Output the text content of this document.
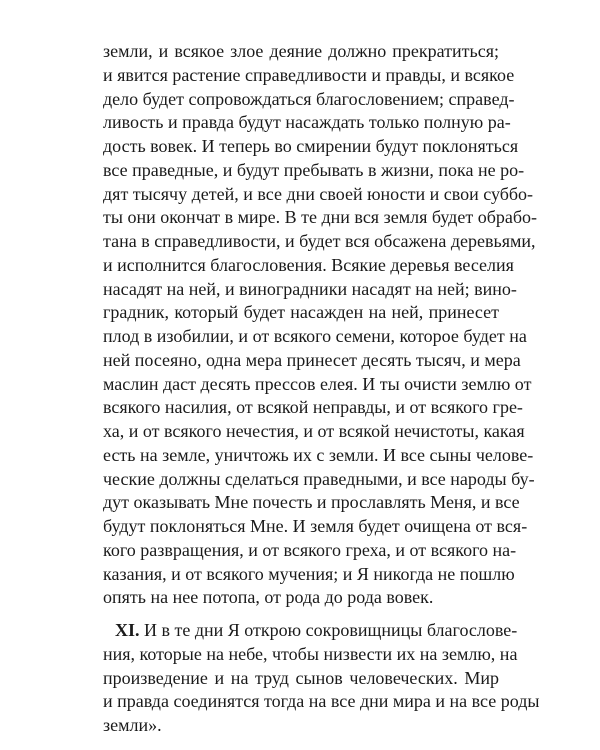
земли, и всякое злое деяние должно прекратиться;
и явится растение справедливости и правды, и всякое
дело будет сопровождаться благословением; справед-
ливость и правда будут насаждать только полную ра-
дость вовек. И теперь во смирении будут поклоняться
все праведные, и будут пребывать в жизни, пока не ро-
дят тысячу детей, и все дни своей юности и свои суббо-
ты они окончат в мире. В те дни вся земля будет обрабо-
тана в справедливости, и будет вся обсажена деревьями,
и исполнится благословения. Всякие деревья веселия
насадят на ней, и виноградники насадят на ней; вино-
градник, который будет насажден на ней, принесет
плод в изобилии, и от всякого семени, которое будет на
ней посеяно, одна мера принесет десять тысяч, и мера
маслин даст десять прессов елея. И ты очисти землю от
всякого насилия, от всякой неправды, и от всякого гре-
ха, и от всякого нечестия, и от всякой нечистоты, какая
есть на земле, уничтожь их с земли. И все сыны челове-
ческие должны сделаться праведными, и все народы бу-
дут оказывать Мне почесть и прославлять Меня, и все
будут поклоняться Мне. И земля будет очищена от вся-
кого развращения, и от всякого греха, и от всякого на-
казания, и от всякого мучения; и Я никогда не пошлю
опять на нее потопа, от рода до рода вовек.
XI. И в те дни Я открою сокровищницы благослове-
ния, которые на небе, чтобы низвести их на землю, на
произведение и на труд сынов человеческих. Мир
и правда соединятся тогда на все дни мира и на все роды
земли».
